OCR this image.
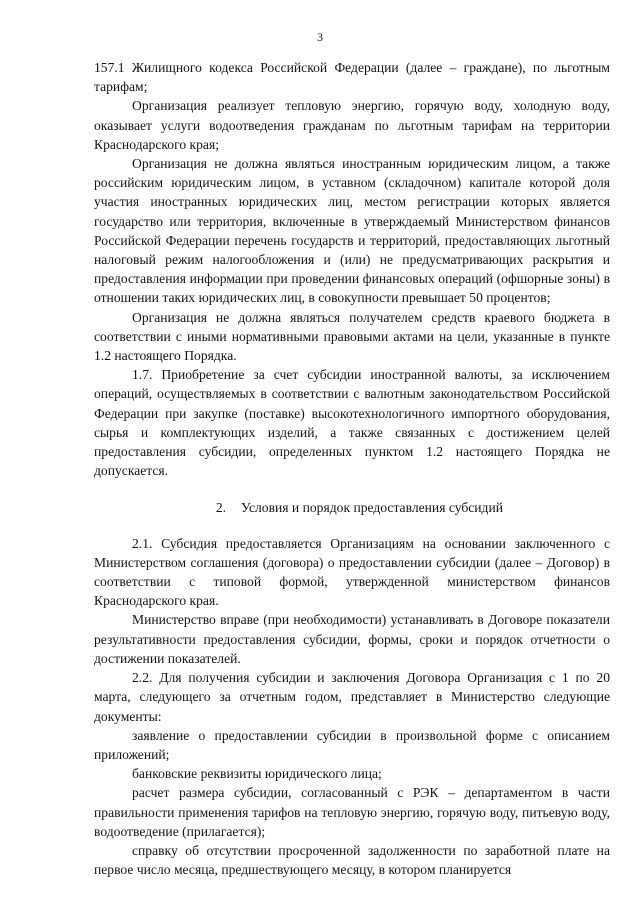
3

157.1 Жилищного кодекса Российской Федерации (далее – граждане), по льготным тарифам;

Организация реализует тепловую энергию, горячую воду, холодную воду, оказывает услуги водоотведения гражданам по льготным тарифам на территории Краснодарского края;

Организация не должна являться иностранным юридическим лицом, а также российским юридическим лицом, в уставном (складочном) капитале которой доля участия иностранных юридических лиц, местом регистрации которых является государство или территория, включенные в утверждаемый Министерством финансов Российской Федерации перечень государств и территорий, предоставляющих льготный налоговый режим налогообложения и (или) не предусматривающих раскрытия и предоставления информации при проведении финансовых операций (офшорные зоны) в отношении таких юридических лиц, в совокупности превышает 50 процентов;

Организация не должна являться получателем средств краевого бюджета в соответствии с иными нормативными правовыми актами на цели, указанные в пункте 1.2 настоящего Порядка.

1.7. Приобретение за счет субсидии иностранной валюты, за исключением операций, осуществляемых в соответствии с валютным законодательством Российской Федерации при закупке (поставке) высокотехнологичного импортного оборудования, сырья и комплектующих изделий, а также связанных с достижением целей предоставления субсидии, определенных пунктом 1.2 настоящего Порядка не допускается.

2. Условия и порядок предоставления субсидий

2.1. Субсидия предоставляется Организациям на основании заключенного с Министерством соглашения (договора) о предоставлении субсидии (далее – Договор) в соответствии с типовой формой, утвержденной министерством финансов Краснодарского края.

Министерство вправе (при необходимости) устанавливать в Договоре показатели результативности предоставления субсидии, формы, сроки и порядок отчетности о достижении показателей.

2.2. Для получения субсидии и заключения Договора Организация с 1 по 20 марта, следующего за отчетным годом, представляет в Министерство следующие документы:

заявление о предоставлении субсидии в произвольной форме с описанием приложений;

банковские реквизиты юридического лица;

расчет размера субсидии, согласованный с РЭК – департаментом в части правильности применения тарифов на тепловую энергию, горячую воду, питьевую воду, водоотведение (прилагается);

справку об отсутствии просроченной задолженности по заработной плате на первое число месяца, предшествующего месяцу, в котором планируется
